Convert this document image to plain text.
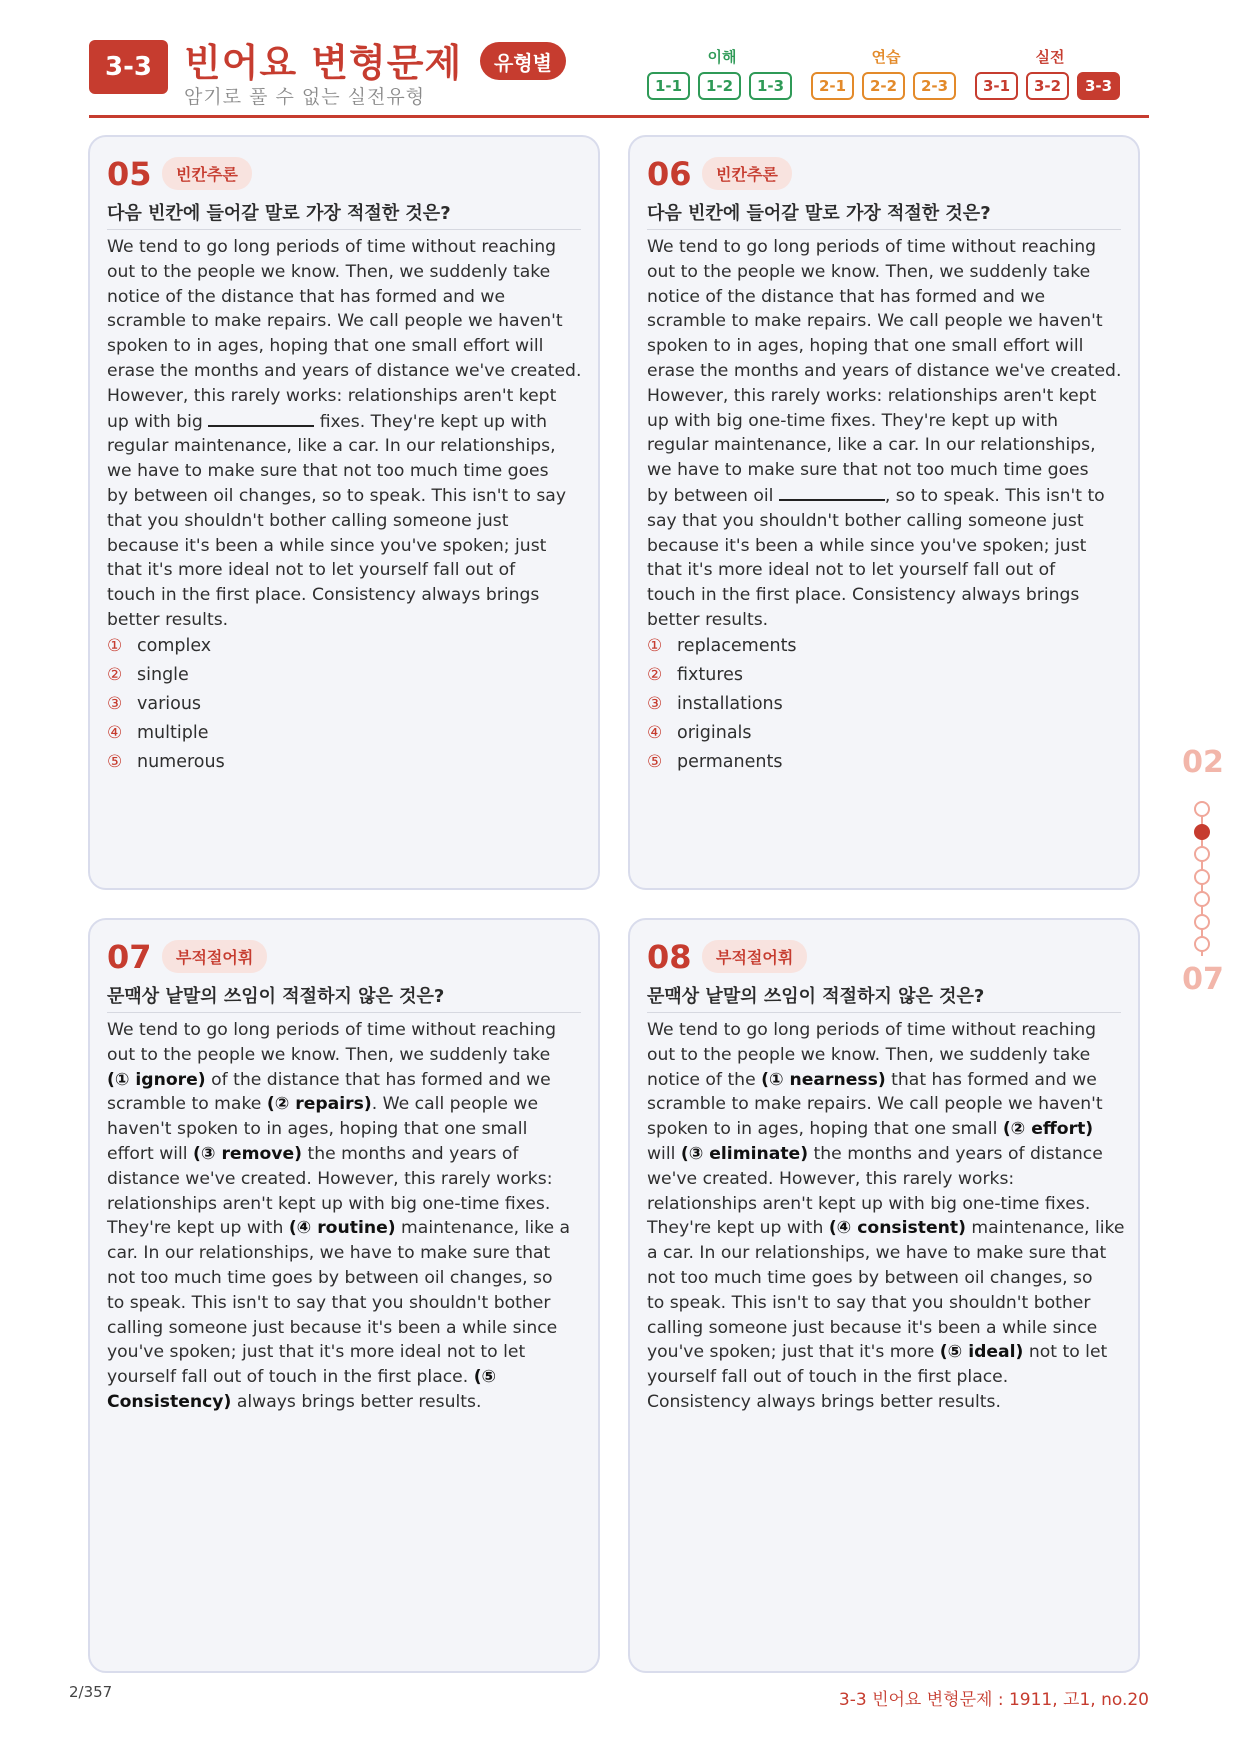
3-3 빈어요 변형문제	유형별
암기로 풀 수 없는 실전유형
이해	연습	실전
1-1	1-2	1-3	2-1	2-2	2-3	3-1	3-2	3-3
05	빈칸추론
다음 빈칸에 들어갈 말로 가장 적절한 것은?
We tend to go long periods of time without reaching
out to the people we know. Then, we suddenly take
notice of the distance that has formed and we
scramble to make repairs. We call people we haven't
spoken to in ages, hoping that one small effort will
erase the months and years of distance we've created.
However, this rarely works: relationships aren't kept
up with big	fixes. They're kept up with
regular maintenance, like a car. In our relationships,
we have to make sure that not too much time goes
by between oil changes, so to speak. This isn't to say
that you shouldn't bother calling someone just
because it's been a while since you've spoken; just
that it's more ideal not to let yourself fall out of
touch in the first place. Consistency always brings
better results.
① complex
② single
③ various
④ multiple
⑤ numerous
06	빈칸추론
다음 빈칸에 들어갈 말로 가장 적절한 것은?
We tend to go long periods of time without reaching
out to the people we know. Then, we suddenly take
notice of the distance that has formed and we
scramble to make repairs. We call people we haven't
spoken to in ages, hoping that one small effort will
erase the months and years of distance we've created.
However, this rarely works: relationships aren't kept
up with big one-time fixes. They're kept up with
regular maintenance, like a car. In our relationships,
we have to make sure that not too much time goes
by between oil	, so to speak. This isn't to
say that you shouldn't bother calling someone just
because it's been a while since you've spoken; just
that it's more ideal not to let yourself fall out of
touch in the first place. Consistency always brings
better results.
① replacements
② fixtures
③ installations
④ originals
⑤ permanents
07	부적절어휘
문맥상 낱말의 쓰임이 적절하지 않은 것은?
We tend to go long periods of time without reaching
out to the people we know. Then, we suddenly take
(① ignore) of the distance that has formed and we
scramble to make (② repairs). We call people we
haven't spoken to in ages, hoping that one small
effort will (③ remove) the months and years of
distance we've created. However, this rarely works:
relationships aren't kept up with big one-time fixes.
They're kept up with (④ routine) maintenance, like a
car. In our relationships, we have to make sure that
not too much time goes by between oil changes, so
to speak. This isn't to say that you shouldn't bother
calling someone just because it's been a while since
you've spoken; just that it's more ideal not to let
yourself fall out of touch in the first place. (⑤
Consistency) always brings better results.
08	부적절어휘
문맥상 낱말의 쓰임이 적절하지 않은 것은?
We tend to go long periods of time without reaching
out to the people we know. Then, we suddenly take
notice of the (① nearness) that has formed and we
scramble to make repairs. We call people we haven't
spoken to in ages, hoping that one small (② effort)
will (③ eliminate) the months and years of distance
we've created. However, this rarely works:
relationships aren't kept up with big one-time fixes.
They're kept up with (④ consistent) maintenance, like
a car. In our relationships, we have to make sure that
not too much time goes by between oil changes, so
to speak. This isn't to say that you shouldn't bother
calling someone just because it's been a while since
you've spoken; just that it's more (⑤ ideal) not to let
yourself fall out of touch in the first place.
Consistency always brings better results.
02
07
2/357	3-3 빈어요 변형문제 : 1911, 고1, no.20
